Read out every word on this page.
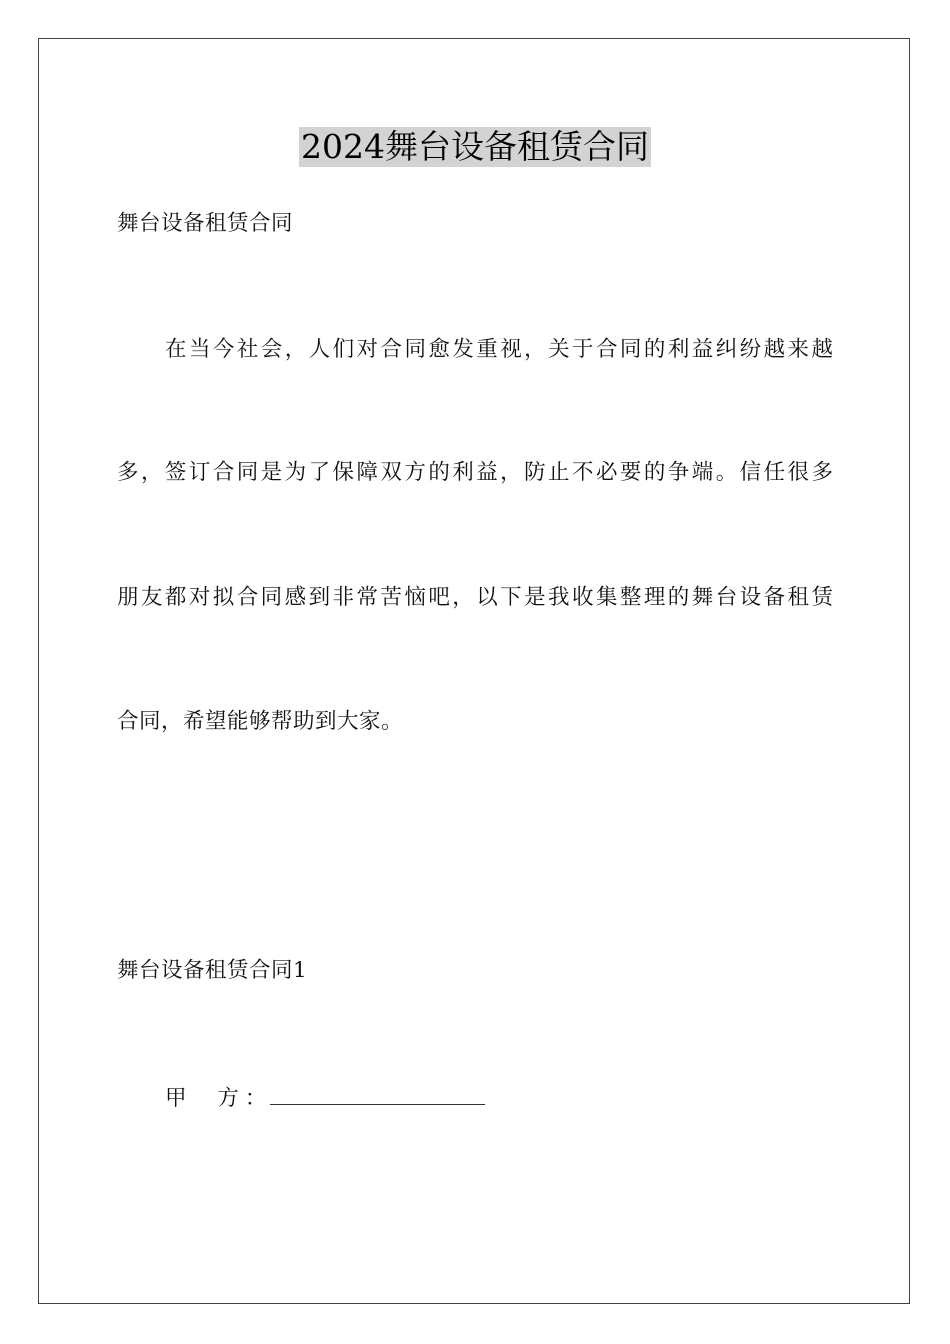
2024舞台设备租赁合同
舞台设备租赁合同
在当今社会，人们对合同愈发重视，关于合同的利益纠纷越来越
多，签订合同是为了保障双方的利益，防止不必要的争端。信任很多
朋友都对拟合同感到非常苦恼吧，以下是我收集整理的舞台设备租赁
合同，希望能够帮助到大家。
舞台设备租赁合同1
甲 方
：
